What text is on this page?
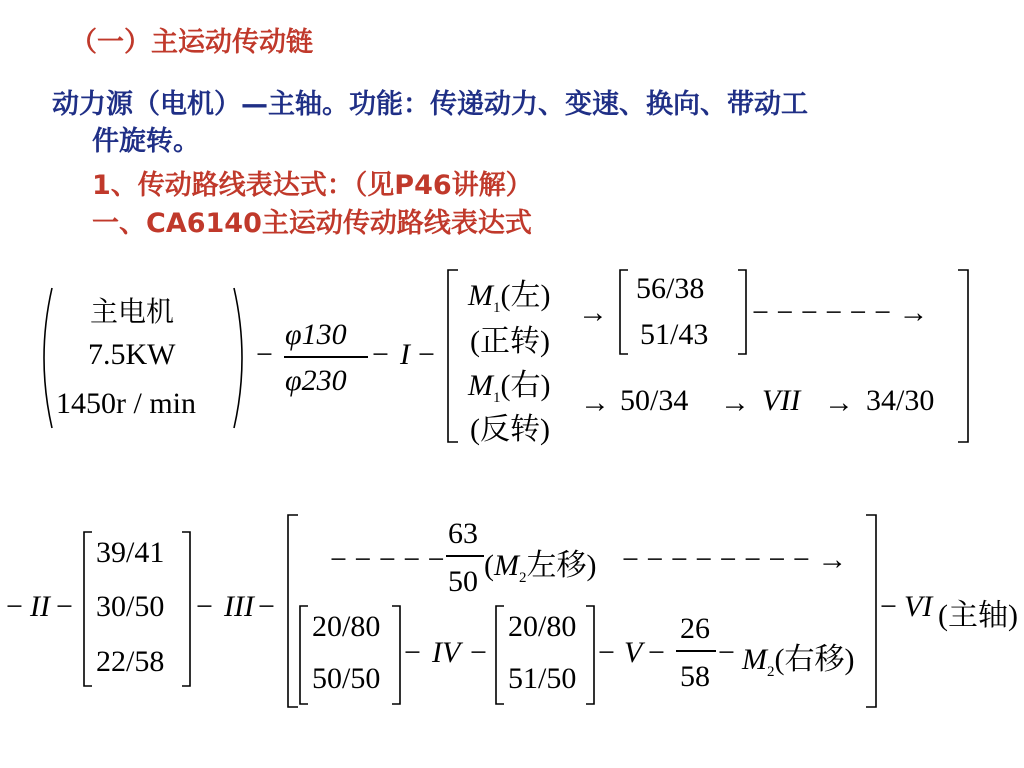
（一）主运动传动链
动力源（电机）—主轴。功能：传递动力、变速、换向、带动工
件旋转。
1、传动路线表达式：（见P46讲解）
一、CA6140主运动传动路线表达式
主电机
7.5KW
1450r / min
−
φ130
φ230
− I −
$M_1$(左)
(正转)
→
56/38
51/43
− − − − − − →
$M_1$(右)
(反转)
→ 50/34 → VII → 34/30
− II −
39/41
30/50
22/58
− III −
− − − − −
63
50 ($M_2$左移) − − − − − − − − →
20/80
50/50
− IV −
20/80
51/50
− V −
26
58
− $M_2$(右移)
− VI (主轴)
